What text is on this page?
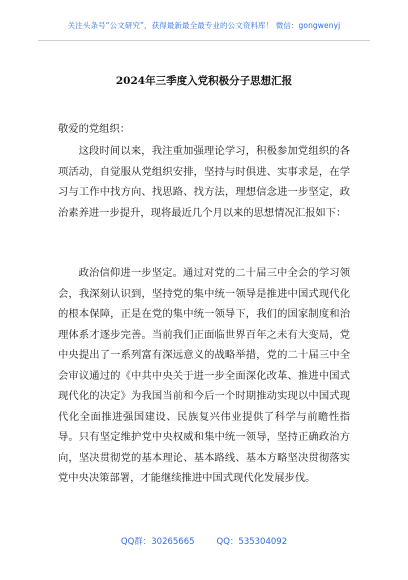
关注头条号“公文研究”，获得最新最全最专业的公文资料库！ 微信：gongwenyj
2024年三季度入党积极分子思想汇报
敬爱的党组织：

这段时间以来，我注重加强理论学习，积极参加党组织的各项活动，自觉服从党组织安排，坚持与时俱进、实事求是，在学习与工作中找方向、找思路、找方法，理想信念进一步坚定，政治素养进一步提升，现将最近几个月以来的思想情况汇报如下：

政治信仰进一步坚定。通过对党的二十届三中全会的学习领会，我深刻认识到，坚持党的集中统一领导是推进中国式现代化的根本保障，正是在党的集中统一领导下，我们的国家制度和治理体系才逐步完善。当前我们正面临世界百年之未有大变局，党中央提出了一系列富有深远意义的战略举措，党的二十届三中全会审议通过的《中共中央关于进一步全面深化改革、推进中国式现代化的决定》为我国当前和今后一个时期推动实现以中国式现代化全面推进强国建设、民族复兴伟业提供了科学与前瞻性指导。只有坚定维护党中央权威和集中统一领导，坚持正确政治方向，坚决贯彻党的基本理论、基本路线、基本方略坚决贯彻落实党中央决策部署，才能继续推进中国式现代化发展步伐。

QQ群：30265665	QQ：535304092
